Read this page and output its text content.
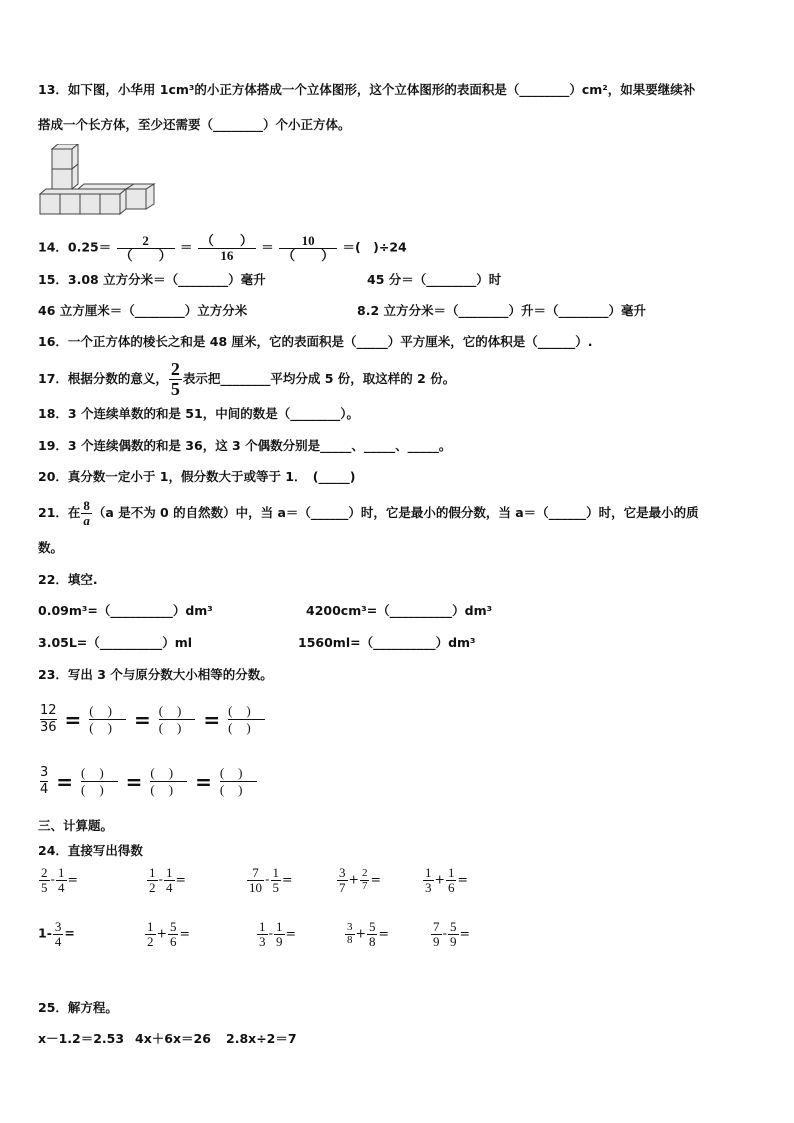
13．如下图，小华用 1cm³的小正方体搭成一个立体图形，这个立体图形的表面积是（________）cm²，如果要继续补
搭成一个长方体，至少还需要（________）个小正方体。
14．0.25＝ 2
（　　）
＝ （　　）
16
＝ 10
（　　）
＝(　)÷24
15．3.08 立方分米＝（________）毫升	45 分＝（________）时
46 立方厘米＝（________）立方分米	8.2 立方分米＝（________）升＝（________）毫升
16．一个正方体的棱长之和是 48 厘米，它的表面积是（_____）平方厘米，它的体积是（______）.
17．根据分数的意义， $\frac{2}{5}$ 表示把________平均分成 5 份，取这样的 2 份。
18．3 个连续单数的和是 51，中间的数是（________）。
19．3 个连续偶数的和是 36，这 3 个偶数分别是_____、_____、_____。
20．真分数一定小于 1，假分数大于或等于 1．　(_____)
21．在 $\frac{8}{a} (a$ 是不为 0 的自然数）中，当 a＝（______）时，它是最小的假分数，当 a＝（______）时，它是最小的质
数。
22．填空.
0.09m³=（__________）dm³	4200cm³=（__________）dm³
3.05L=（__________）ml	1560ml=（__________）dm³
23．写出 3 个与原分数大小相等的分数。
$\frac{12}{36}$ = ()
() = ()
() = ()
()
$\frac{3}{4}$ = ()
() = ()
() = ()
()
三、计算题。
24．直接写出得数
$\frac{2}{5} - \frac{1}{4}$ =	$\frac{1}{2} - \frac{1}{4}$ =	$\frac{7}{10} - \frac{1}{5}$ =	$\frac{3}{7} + \frac{2}{7}$ =	$\frac{1}{3} + \frac{1}{6}$ =
$1- \frac{3}{4}$ =	$\frac{1}{2} + \frac{5}{6}$ =	$\frac{1}{3} - \frac{1}{9}$ =	$\frac{3}{8} + \frac{5}{8}$ =	$\frac{7}{9} - \frac{5}{9}$ =
25．解方程。
x－1.2＝2.53 4x＋6x＝26 2.8x÷2＝7
